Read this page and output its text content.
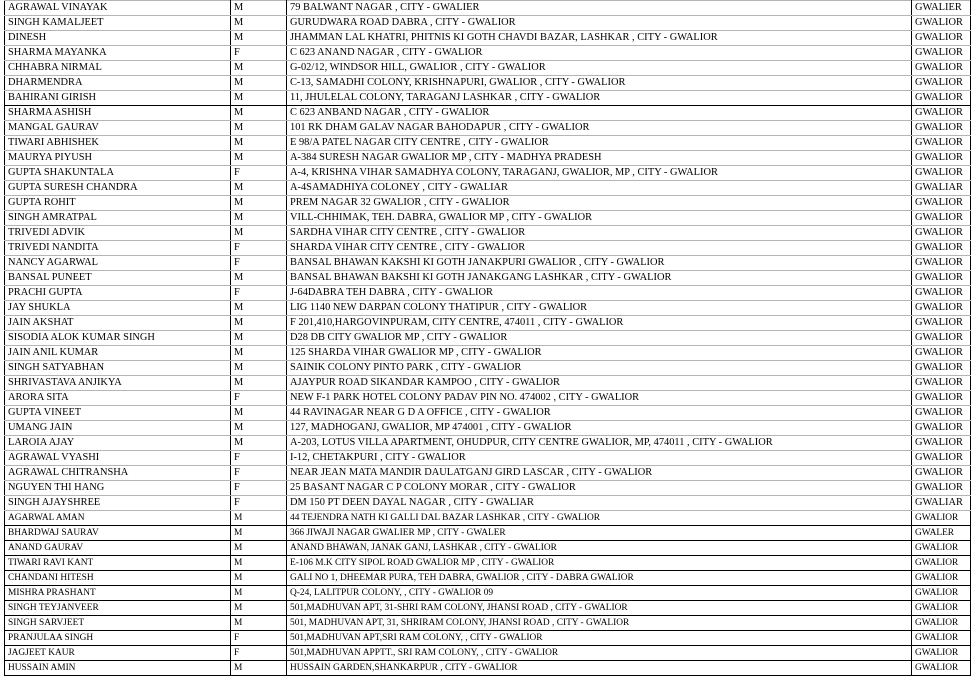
AGRAWAL VINAYAK	M	79 BALWANT NAGAR , CITY - GWALIER	GWALIER
SINGH KAMALJEET	M	GURUDWARA ROAD DABRA , CITY - GWALIOR	GWALIOR
DINESH	M	JHAMMAN LAL KHATRI, PHITNIS KI GOTH CHAVDI BAZAR, LASHKAR , CITY - GWALIOR	GWALIOR
SHARMA MAYANKA	F	C 623 ANAND NAGAR , CITY - GWALIOR	GWALIOR
CHHABRA NIRMAL	M	G-02/12, WINDSOR HILL, GWALIOR , CITY - GWALIOR	GWALIOR
DHARMENDRA	M	C-13, SAMADHI COLONY, KRISHNAPURI, GWALIOR , CITY - GWALIOR	GWALIOR
BAHIRANI GIRISH	M	11, JHULELAL COLONY, TARAGANJ LASHKAR , CITY - GWALIOR	GWALIOR
SHARMA ASHISH	M	C 623 ANBAND NAGAR , CITY - GWALIOR	GWALIOR
MANGAL GAURAV	M	101 RK DHAM GALAV NAGAR BAHODAPUR , CITY - GWALIOR	GWALIOR
TIWARI ABHISHEK	M	E 98/A PATEL NAGAR CITY CENTRE , CITY - GWALIOR	GWALIOR
MAURYA PIYUSH	M	A-384 SURESH NAGAR GWALIOR MP , CITY - MADHYA PRADESH	GWALIOR
GUPTA SHAKUNTALA	F	A-4, KRISHNA VIHAR SAMADHYA COLONY, TARAGANJ, GWALIOR, MP , CITY - GWALIOR	GWALIOR
GUPTA SURESH CHANDRA	M	A-4SAMADHIYA COLONEY , CITY - GWALIAR	GWALIAR
GUPTA ROHIT	M	PREM NAGAR 32 GWALIOR , CITY - GWALIOR	GWALIOR
SINGH AMRATPAL	M	VILL-CHHIMAK, TEH. DABRA, GWALIOR MP , CITY - GWALIOR	GWALIOR
TRIVEDI ADVIK	M	SARDHA VIHAR CITY CENTRE , CITY - GWALIOR	GWALIOR
TRIVEDI NANDITA	F	SHARDA VIHAR CITY CENTRE , CITY - GWALIOR	GWALIOR
NANCY AGARWAL	F	BANSAL BHAWAN KAKSHI KI GOTH JANAKPURI GWALIOR , CITY - GWALIOR	GWALIOR
BANSAL PUNEET	M	BANSAL BHAWAN BAKSHI KI GOTH JANAKGANG LASHKAR , CITY - GWALIOR	GWALIOR
PRACHI GUPTA	F	J-64DABRA TEH DABRA , CITY - GWALIOR	GWALIOR
JAY SHUKLA	M	LIG 1140 NEW DARPAN COLONY THATIPUR , CITY - GWALIOR	GWALIOR
JAIN AKSHAT	M	F 201,410,HARGOVINPURAM, CITY CENTRE, 474011 , CITY - GWALIOR	GWALIOR
SISODIA ALOK KUMAR SINGH	M	D28 DB CITY GWALIOR MP , CITY - GWALIOR	GWALIOR
JAIN ANIL KUMAR	M	125 SHARDA VIHAR GWALIOR MP , CITY - GWALIOR	GWALIOR
SINGH SATYABHAN	M	SAINIK COLONY PINTO PARK , CITY - GWALIOR	GWALIOR
SHRIVASTAVA ANJIKYA	M	AJAYPUR ROAD SIKANDAR KAMPOO , CITY - GWALIOR	GWALIOR
ARORA SITA	F	NEW F-1 PARK HOTEL COLONY PADAV PIN NO. 474002 , CITY - GWALIOR	GWALIOR
GUPTA VINEET	M	44 RAVINAGAR NEAR G D A OFFICE , CITY - GWALIOR	GWALIOR
UMANG JAIN	M	127, MADHOGANJ, GWALIOR, MP 474001 , CITY - GWALIOR	GWALIOR
LAROIA AJAY	M	A-203, LOTUS VILLA APARTMENT, OHUDPUR, CITY CENTRE GWALIOR, MP, 474011 , CITY - GWALIOR	GWALIOR
AGRAWAL VYASHI	F	I-12, CHETAKPURI , CITY - GWALIOR	GWALIOR
AGRAWAL CHITRANSHA	F	NEAR JEAN MATA MANDIR DAULATGANJ GIRD LASCAR , CITY - GWALIOR	GWALIOR
NGUYEN THI HANG	F	25 BASANT NAGAR C P COLONY MORAR , CITY - GWALIOR	GWALIOR
SINGH AJAYSHREE	F	DM 150 PT DEEN DAYAL NAGAR , CITY - GWALIAR	GWALIAR
AGARWAL AMAN	M	44 TEJENDRA NATH KI GALLI DAL BAZAR LASHKAR , CITY - GWALIOR	GWALIOR
BHARDWAJ SAURAV	M	366 JIWAJI NAGAR GWALIER MP , CITY - GWALER	GWALER
ANAND GAURAV	M	ANAND BHAWAN, JANAK GANJ, LASHKAR , CITY - GWALIOR	GWALIOR
TIWARI RAVI KANT	M	E-106 M.K CITY SIPOL ROAD GWALIOR MP , CITY - GWALIOR	GWALIOR
CHANDANI HITESH	M	GALI NO 1, DHEEMAR PURA, TEH DABRA, GWALIOR , CITY - DABRA GWALIOR	GWALIOR
MISHRA PRASHANT	M	Q-24, LALITPUR COLONY, , CITY - GWALIOR 09	GWALIOR
SINGH TEYJANVEER	M	501,MADHUVAN APT, 31-SHRI RAM COLONY, JHANSI ROAD , CITY - GWALIOR	GWALIOR
SINGH SARVJEET	M	501, MADHUVAN APT, 31, SHRIRAM COLONY, JHANSI ROAD , CITY - GWALIOR	GWALIOR
PRANJULAA SINGH	F	501,MADHUVAN APT,SRI RAM COLONY, , CITY - GWALIOR	GWALIOR
JAGJEET KAUR	F	501,MADHUVAN APPTT., SRI RAM COLONY, , CITY - GWALIOR	GWALIOR
HUSSAIN AMIN	M	HUSSAIN GARDEN,SHANKARPUR , CITY - GWALIOR	GWALIOR
